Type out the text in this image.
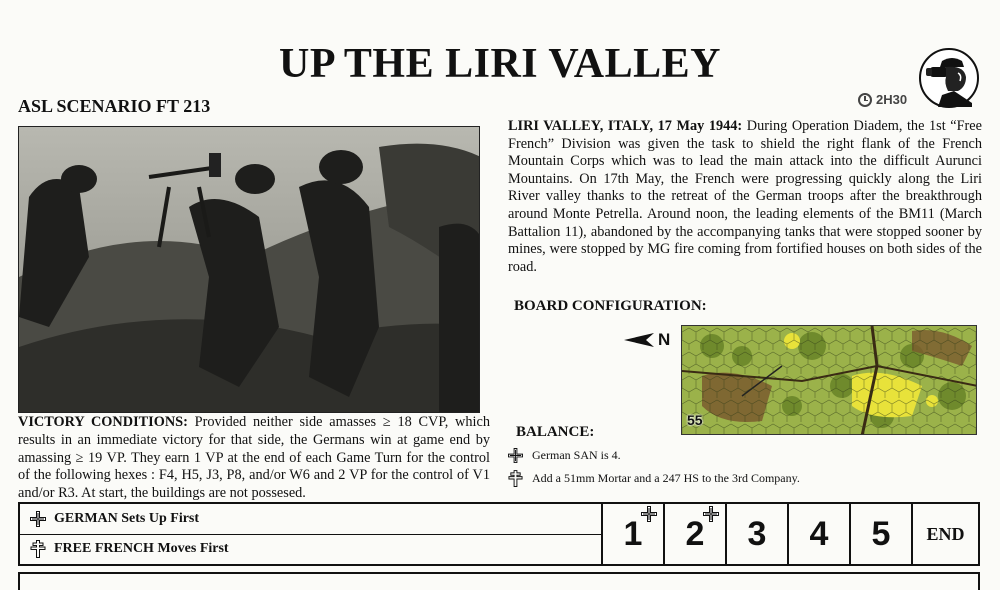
UP THE LIRI VALLEY
ASL SCENARIO FT 213	2H30
LIRI VALLEY, ITALY, 17 May 1944: During Operation Diadem, the 1st “Free French” Division was given the task to shield the right flank of the French Mountain Corps which was to lead the main attack into the difficult Aurunci Mountains. On 17th May, the French were progressing quickly along the Liri River valley thanks to the retreat of the German troops after the breakthrough around Monte Petrella. Around noon, the leading elements of the BM11 (March Battalion 11), abandoned by the accompanying tanks that were stopped sooner by mines, were stopped by MG fire coming from fortified houses on both sides of the road.
BOARD CONFIGURATION:
N
55
BALANCE:
German SAN is 4.
Add a 51mm Mortar and a 247 HS to the 3rd Company.
VICTORY CONDITIONS: Provided neither side amasses ≥ 18 CVP, which results in an immediate victory for that side, the Germans win at game end by amassing ≥ 19 VP. They earn 1 VP at the end of each Game Turn for the control of the following hexes : F4, H5, J3, P8, and/or W6 and 2 VP for the control of V1 and/or R3. At start, the buildings are not possesed.
GERMAN Sets Up First
FREE FRENCH Moves First	1 2 3 4 5	END
